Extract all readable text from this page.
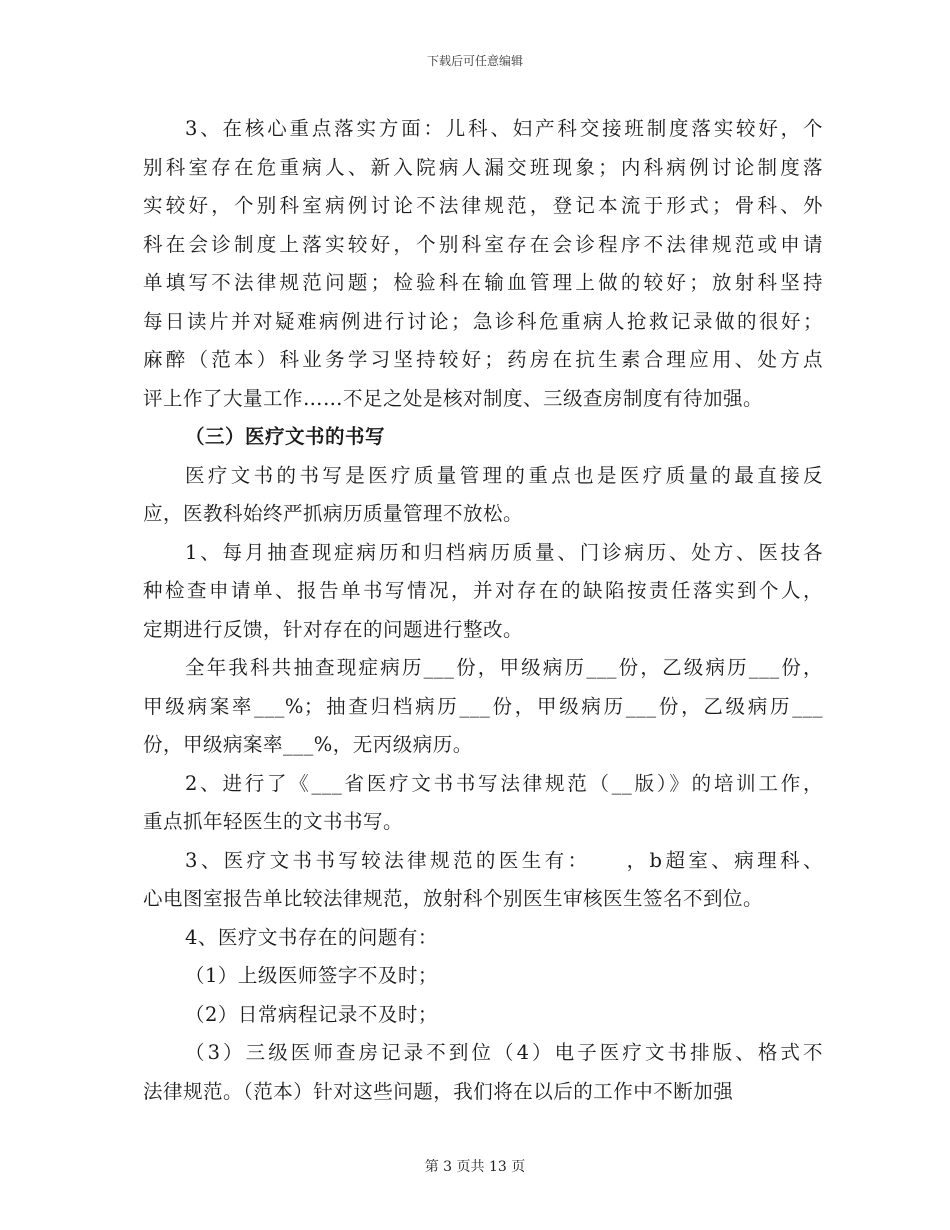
下载后可任意编辑
3、在核心重点落实方面：儿科、妇产科交接班制度落实较好，个
别科室存在危重病人、新入院病人漏交班现象；内科病例讨论制度落
实较好，个别科室病例讨论不法律规范，登记本流于形式；骨科、外
科在会诊制度上落实较好，个别科室存在会诊程序不法律规范或申请
单填写不法律规范问题；检验科在输血管理上做的较好；放射科坚持
每日读片并对疑难病例进行讨论；急诊科危重病人抢救记录做的很好；
麻醉（范本）科业务学习坚持较好；药房在抗生素合理应用、处方点
评上作了大量工作……不足之处是核对制度、三级查房制度有待加强。
（三）医疗文书的书写
医疗文书的书写是医疗质量管理的重点也是医疗质量的最直接反
应，医教科始终严抓病历质量管理不放松。
1、每月抽查现症病历和归档病历质量、门诊病历、处方、医技各
种检查申请单、报告单书写情况，并对存在的缺陷按责任落实到个人，
定期进行反馈，针对存在的问题进行整改。
全年我科共抽查现症病历___份，甲级病历___份，乙级病历___份，
甲级病案率___%；抽查归档病历___份，甲级病历___份，乙级病历___
份，甲级病案率___%，无丙级病历。
2、进行了《___省医疗文书书写法律规范（__版）》的培训工作，
重点抓年轻医生的文书书写。
3、医疗文书书写较法律规范的医生有：　　，b超室、病理科、
心电图室报告单比较法律规范，放射科个别医生审核医生签名不到位。
4、医疗文书存在的问题有：
（1）上级医师签字不及时；
（2）日常病程记录不及时；
（3）三级医师查房记录不到位（4）电子医疗文书排版、格式不
法律规范。（范本）针对这些问题，我们将在以后的工作中不断加强
第 3 页共 13 页
